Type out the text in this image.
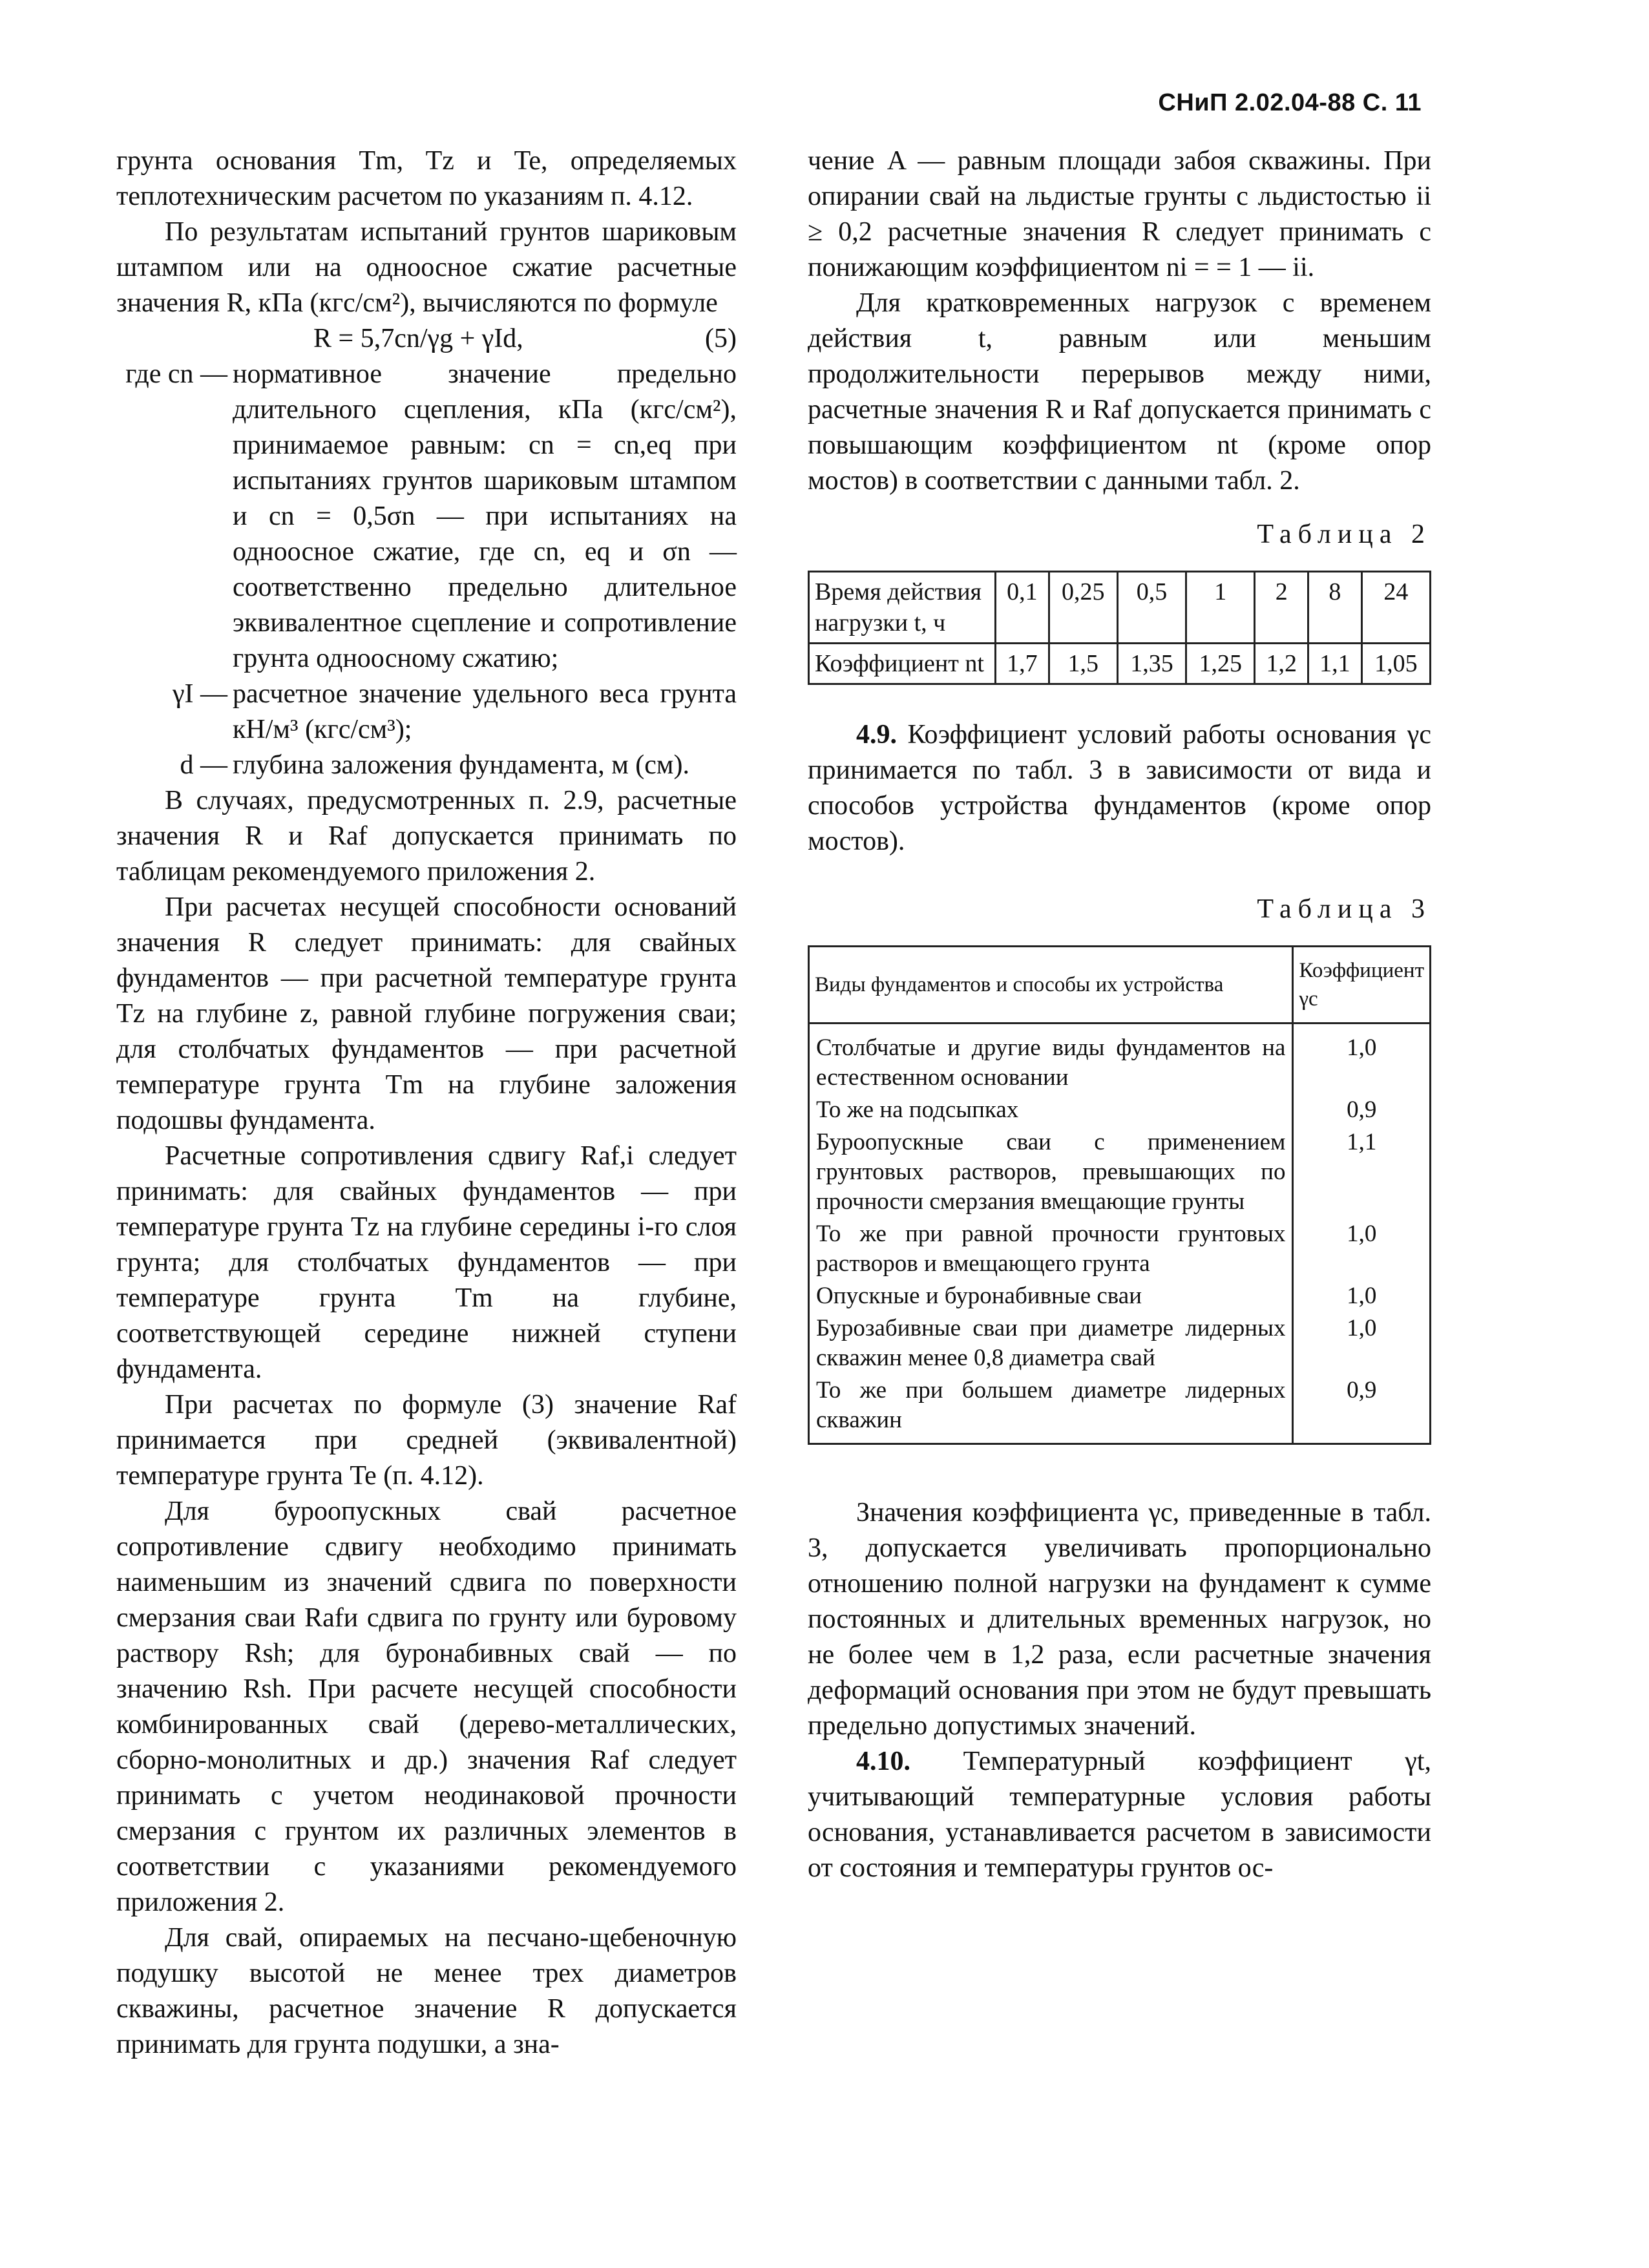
СНиП 2.02.04-88 С. 11

грунта основания Tm, Tz и Te, определяемых теплотехническим расчетом по указаниям п. 4.12.

По результатам испытаний грунтов шариковым штампом или на одноосное сжатие расчетные значения R, кПа (кгс/см²), вычисляются по формуле

R = 5,7cn/γg + γId,	(5)

где cn — нормативное значение предельно длительного сцепления, кПа (кгс/см²), принимаемое равным: cn = cn,eq при испытаниях грунтов шариковым штампом и cn = 0,5σn — при испытаниях на одноосное сжатие, где cn, eq и σn — соответственно предельно длительное эквивалентное сцепление и сопротивление грунта одноосному сжатию;
γI — расчетное значение удельного веса грунта кН/м³ (кгс/см³);
d — глубина заложения фундамента, м (см).

В случаях, предусмотренных п. 2.9, расчетные значения R и Raf допускается принимать по таблицам рекомендуемого приложения 2.

При расчетах несущей способности оснований значения R следует принимать: для свайных фундаментов — при расчетной температуре грунта Tz на глубине z, равной глубине погружения сваи; для столбчатых фундаментов — при расчетной температуре грунта Tm на глубине заложения подошвы фундамента.

Расчетные сопротивления сдвигу Raf,i следует принимать: для свайных фундаментов — при температуре грунта Tz на глубине середины i-го слоя грунта; для столбчатых фундаментов — при температуре грунта Tm на глубине, соответствующей середине нижней ступени фундамента.

При расчетах по формуле (3) значение Raf принимается при средней (эквивалентной) температуре грунта Te (п. 4.12).

Для буроопускных свай расчетное сопротивление сдвигу необходимо принимать наименьшим из значений сдвига по поверхности смерзания сваи Rafи сдвига по грунту или буровому раствору Rsh; для буронабивных свай — по значению Rsh. При расчете несущей способности комбинированных свай (дерево-металлических, сборно-монолитных и др.) значения Raf следует принимать с учетом неодинаковой прочности смерзания с грунтом их различных элементов в соответствии с указаниями рекомендуемого приложения 2.

Для свай, опираемых на песчано-щебеночную подушку высотой не менее трех диаметров скважины, расчетное значение R допускается принимать для грунта подушки, а зна-

чение A — равным площади забоя скважины. При опирании свай на льдистые грунты с льдистостью ii ≥ 0,2 расчетные значения R следует принимать с понижающим коэффициентом ni = = 1 — ii.

Для кратковременных нагрузок с временем действия t, равным или меньшим продолжительности перерывов между ними, расчетные значения R и Raf допускается принимать с повышающим коэффициентом nt (кроме опор мостов) в соответствии с данными табл. 2.

Таблица 2

Время действия нагрузки t, ч	0,1	0,25	0,5	1	2	8	24
Коэффициент nt	1,7	1,5	1,35	1,25	1,2	1,1	1,05

4.9. Коэффициент условий работы основания γc принимается по табл. 3 в зависимости от вида и способов устройства фундаментов (кроме опор мостов).

Таблица 3

Виды фундаментов и способы их устройства	Коэффициент γc
Столбчатые и другие виды фундаментов на естественном основании	1,0
То же на подсыпках	0,9
Буроопускные сваи с применением грунтовых растворов, превышающих по прочности смерзания вмещающие грунты	1,1
То же при равной прочности грунтовых растворов и вмещающего грунта	1,0
Опускные и буронабивные сваи	1,0
Бурозабивные сваи при диаметре лидерных скважин менее 0,8 диаметра свай	1,0
То же при большем диаметре лидерных скважин	0,9

Значения коэффициента γc, приведенные в табл. 3, допускается увеличивать пропорционально отношению полной нагрузки на фундамент к сумме постоянных и длительных временных нагрузок, но не более чем в 1,2 раза, если расчетные значения деформаций основания при этом не будут превышать предельно допустимых значений.

4.10. Температурный коэффициент γt, учитывающий температурные условия работы основания, устанавливается расчетом в зависимости от состояния и температуры грунтов ос-
